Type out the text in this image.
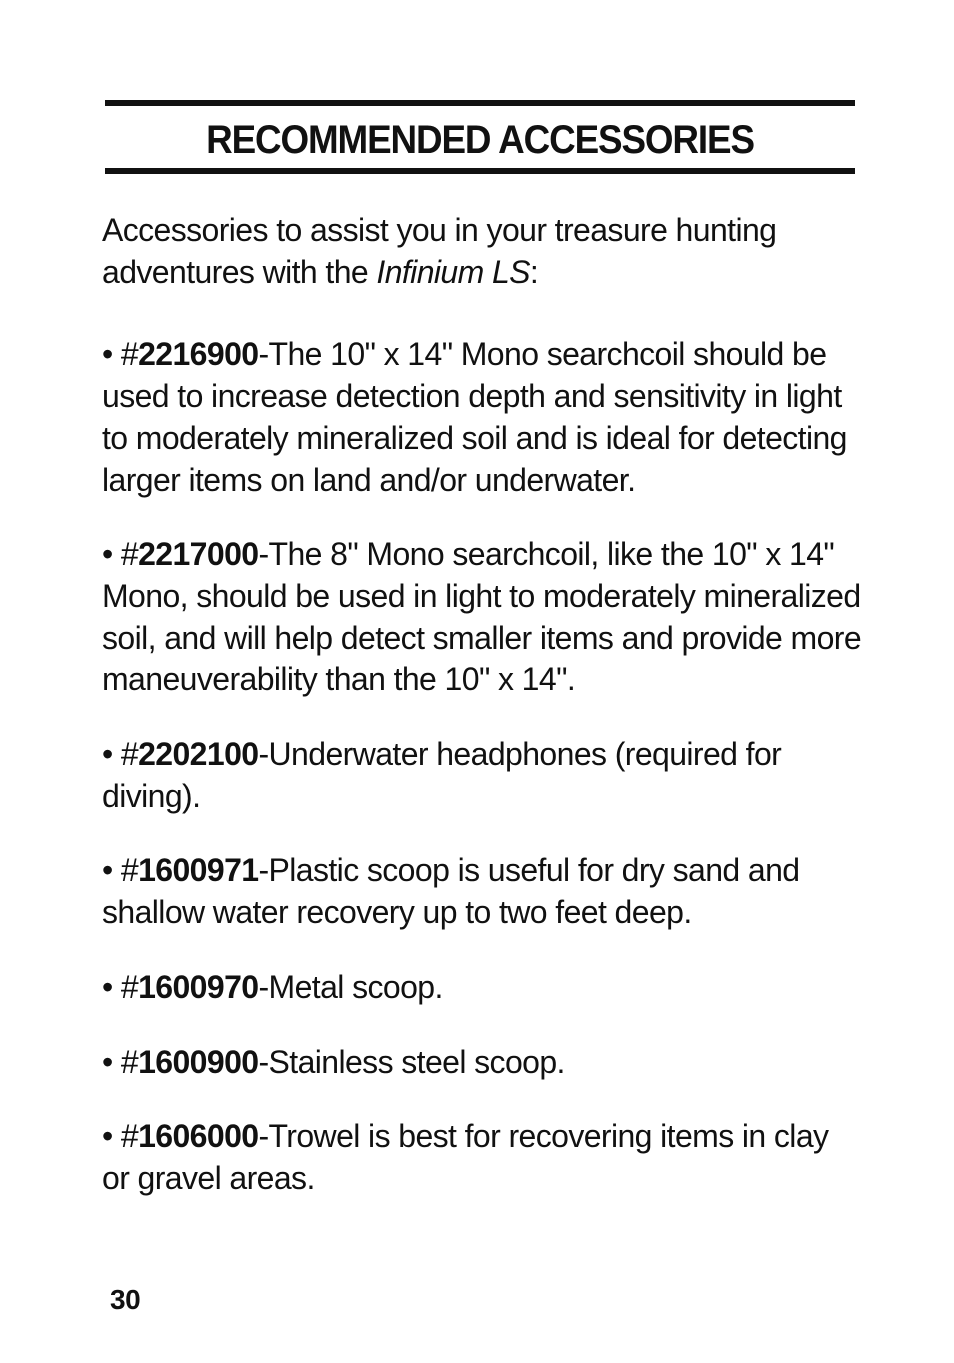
RECOMMENDED ACCESSORIES

Accessories to assist you in your treasure hunting adventures with the Infinium LS:

• #2216900-The 10" x 14" Mono searchcoil should be used to increase detection depth and sensitivity in light to moderately mineralized soil and is ideal for detecting larger items on land and/or underwater.

• #2217000-The 8" Mono searchcoil, like the 10" x 14" Mono, should be used in light to moderately mineralized soil, and will help detect smaller items and provide more maneuverability than the 10" x 14".

• #2202100-Underwater headphones (required for diving).

• #1600971-Plastic scoop is useful for dry sand and shallow water recovery up to two feet deep.

• #1600970-Metal scoop.

• #1600900-Stainless steel scoop.

• #1606000-Trowel is best for recovering items in clay or gravel areas.

30
